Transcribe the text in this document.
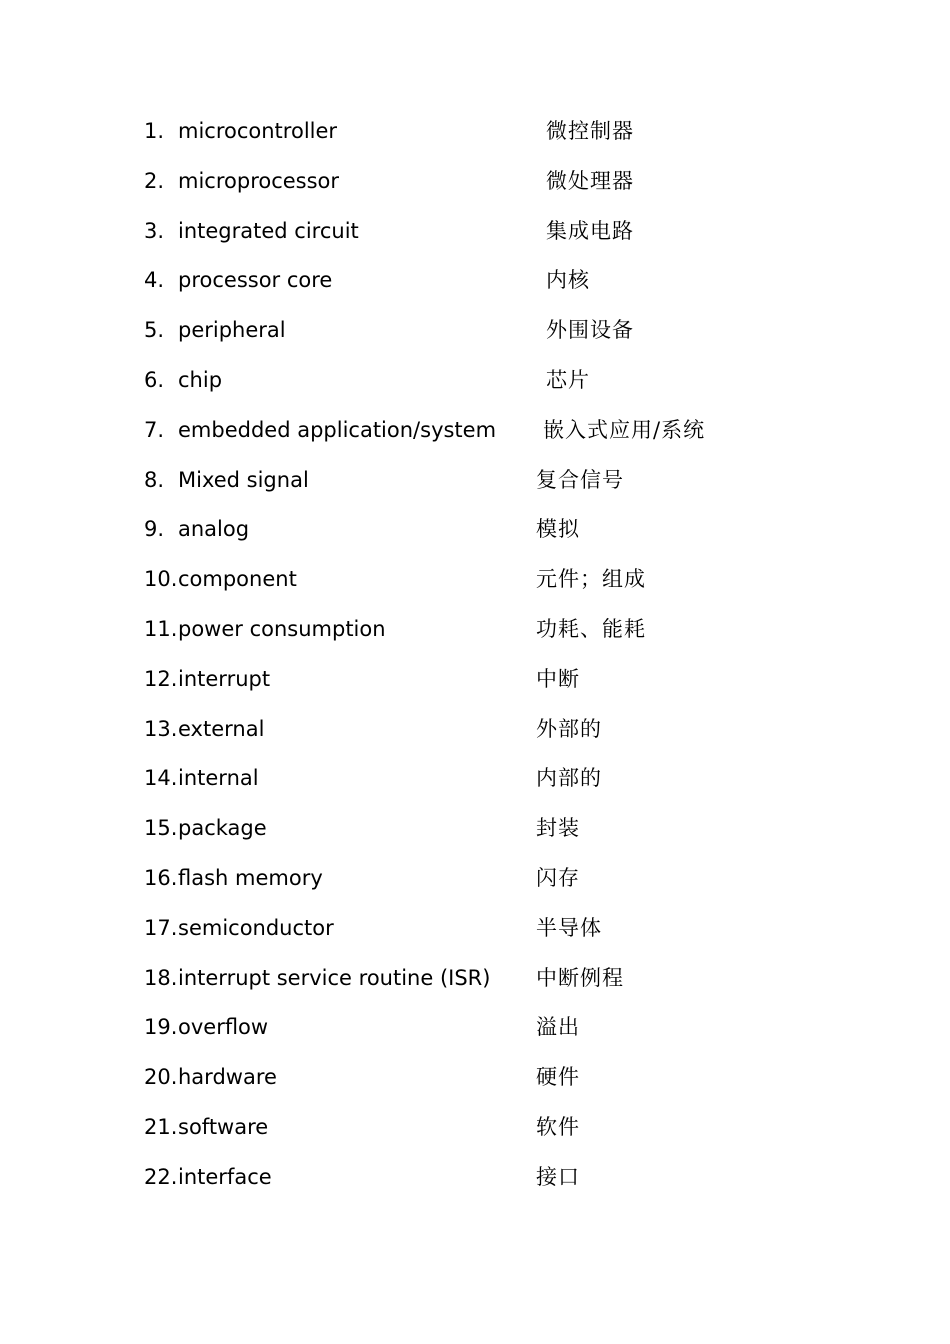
1. microcontroller	微控制器
2. microprocessor	微处理器
3. integrated circuit	集成电路
4. processor core	内核
5. peripheral	外围设备
6. chip	芯片
7. embedded application/system 嵌入式应用/系统
8. Mixed signal	复合信号
9. analog	模拟
10. component	元件；组成
11. power consumption	功耗、能耗
12. interrupt	中断
13. external	外部的
14. internal	内部的
15. package	封装
16. flash memory	闪存
17. semiconductor	半导体
18. interrupt service routine (ISR) 中断例程
19. overflow	溢出
20. hardware	硬件
21. software	软件
22. interface	接口
